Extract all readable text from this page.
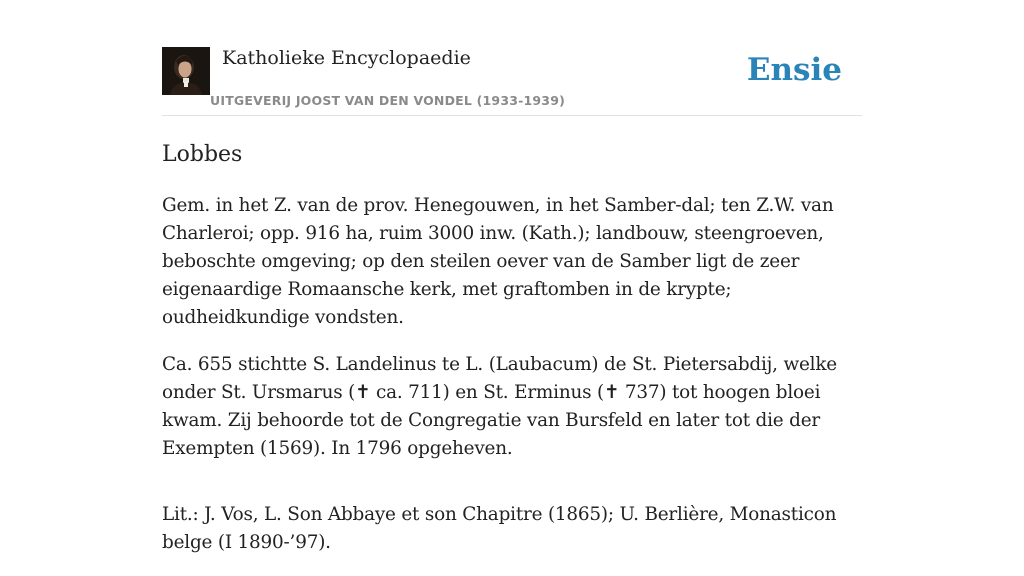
Katholieke Encyclopaedie
UITGEVERIJ JOOST VAN DEN VONDEL (1933-1939)
Ensie
Lobbes

Gem. in het Z. van de prov. Henegouwen, in het Samber-dal; ten Z.W. van Charleroi; opp. 916 ha, ruim 3000 inw. (Kath.); landbouw, steengroeven, beboschte omgeving; op den steilen oever van de Samber ligt de zeer eigenaardige Romaansche kerk, met graftomben in de krypte; oudheidkundige vondsten.

Ca. 655 stichtte S. Landelinus te L. (Laubacum) de St. Pietersabdij, welke onder St. Ursmarus (✝ ca. 711) en St. Erminus (✝ 737) tot hoogen bloei kwam. Zij behoorde tot de Congregatie van Bursfeld en later tot die der Exempten (1569). In 1796 opgeheven.

Lit.: J. Vos, L. Son Abbaye et son Chapitre (1865); U. Berlière, Monasticon belge (I 1890-’97).
